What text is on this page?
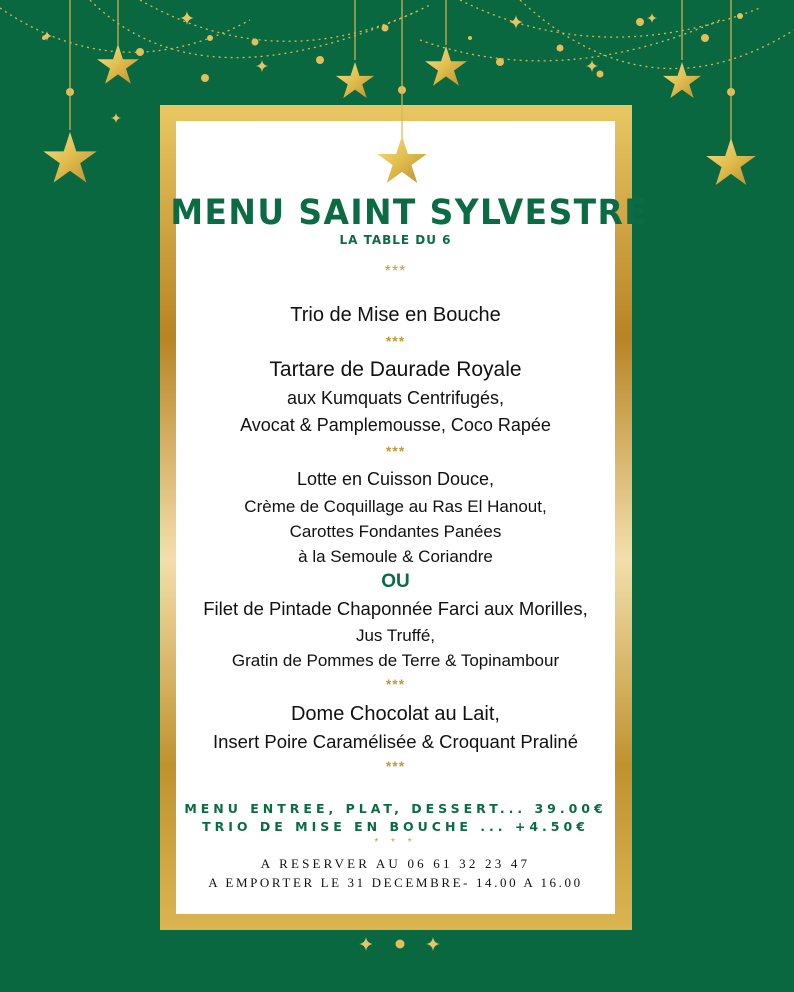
MENU SAINT SYLVESTRE
LA TABLE DU 6
***
Trio de Mise en Bouche
***
Tartare de Daurade Royale
aux Kumquats Centrifugés,
Avocat & Pamplemousse, Coco Rapée
***
Lotte en Cuisson Douce,
Crème de Coquillage au Ras El Hanout,
Carottes Fondantes Panées
à la Semoule & Coriandre
OU
Filet de Pintade Chaponnée Farci aux Morilles,
Jus Truffé,
Gratin de Pommes de Terre & Topinambour
***
Dome Chocolat au Lait,
Insert Poire Caramélisée & Croquant Praliné
***
MENU ENTREE, PLAT, DESSERT... 39.00€
TRIO DE MISE EN BOUCHE ... +4.50€
* * *
A RESERVER AU 06 61 32 23 47
A EMPORTER LE 31 DECEMBRE- 14.00 A 16.00
